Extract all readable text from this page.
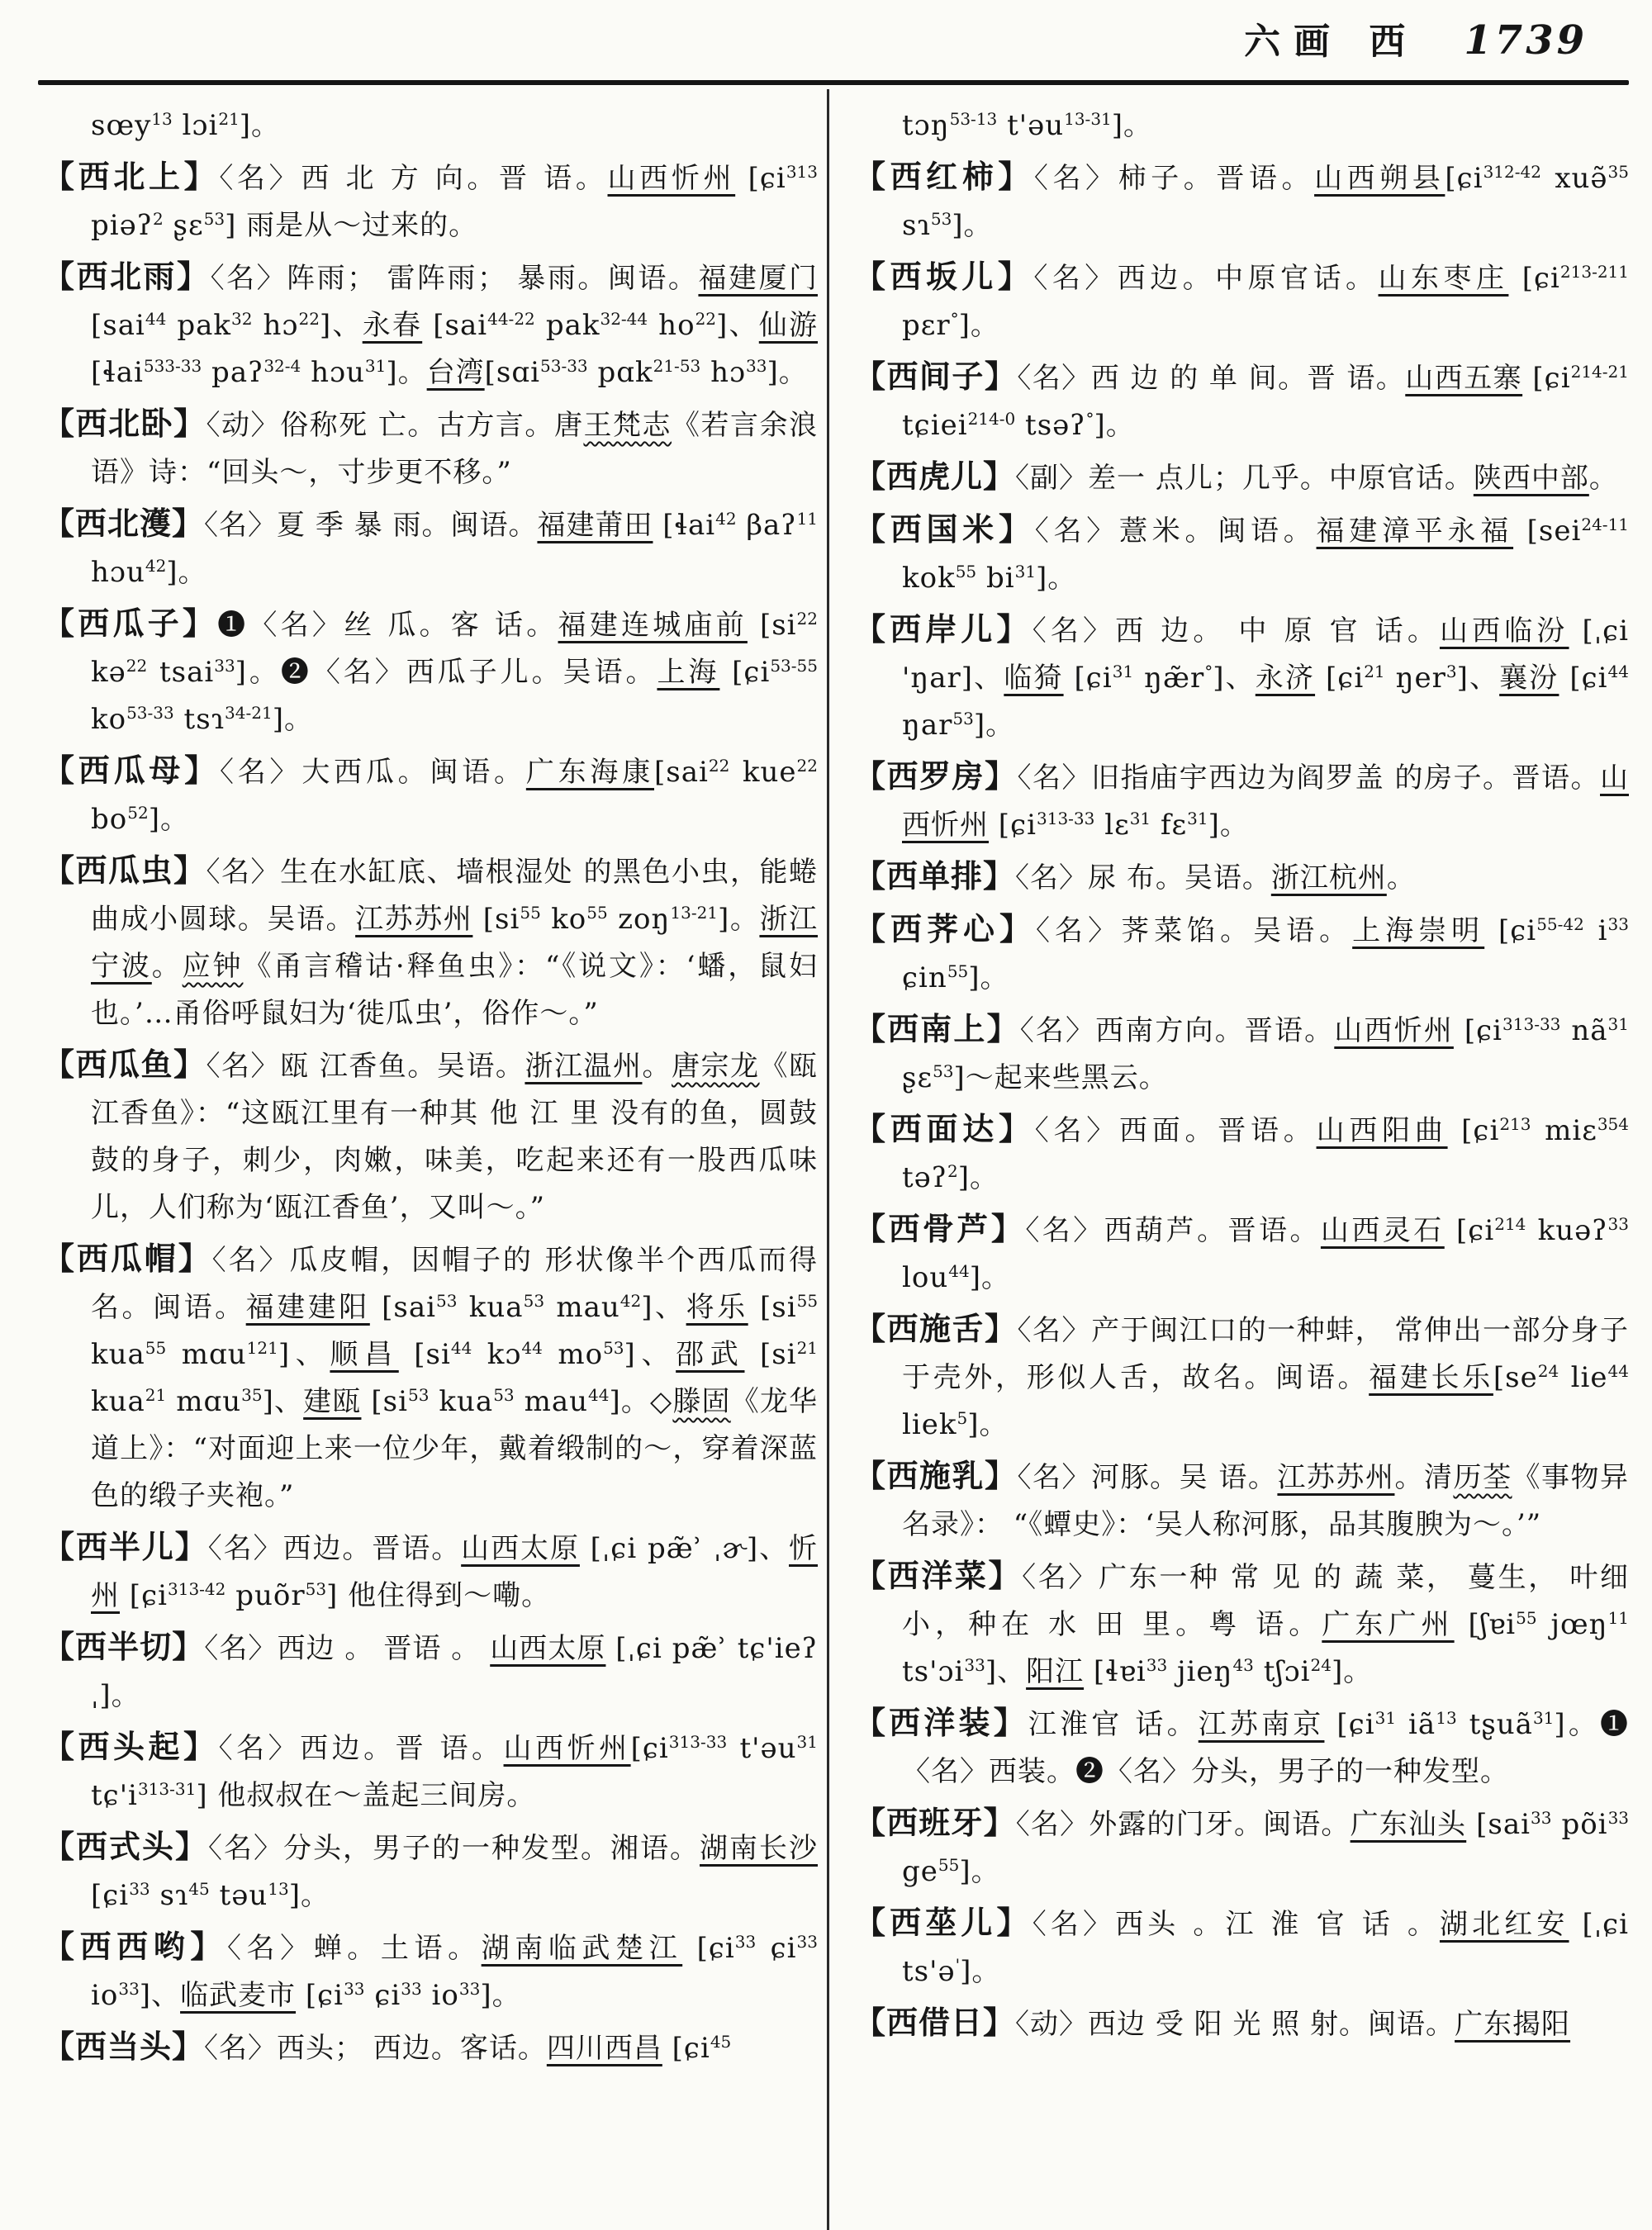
六画 西 1739
sœy$^{13}$ lɔi$^{21}$]。
【西北上】〈名〉西 北 方 向。晋 语。山西忻州 [ɕi$^{313}$ piəʔ$^2$ ʂɛ$^{53}$] 雨是从～过来的。
【西北雨】〈名〉阵雨； 雷阵雨； 暴雨。闽语。福建厦门 [sai$^{44}$ pak$^{32}$ hɔ$^{22}$]、永春 [sai$^{44-22}$ pak$^{32-44}$ $ho^{22}$]、仙游[ɬai$^{533-33}$ paʔ$^{32-4}$ hɔu$^{31}$]。台湾[sɑi$^{53-33}$ pɑk$^{21-53}$ hɔ$^{33}$]。
【西北卧】〈动〉俗称死 亡。古方言。唐王梵志《若言余浪语》诗：“回头～，寸步更不移。”
【西北濩】〈名〉夏 季 暴 雨。闽语。福建莆田 [ɬai$^{42}$ βaʔ$^{11}$ hɔu$^{42}$]。
【西瓜子】❶〈名〉丝 瓜。客 话。福建连城庙前 [$si^{22}$ kə$^{22}$ tsai$^{33}$]。❷〈名〉西瓜子儿。吴语。上海 [ɕi$^{53-55}$ $ko^{53-33}$ tsɿ$^{34-21}$]。
【西瓜母】〈名〉大西瓜。闽语。广东海康[sai$^{22}$ kue$^{22}$ $bo^{52}$]。
【西瓜虫】〈名〉生在水缸底、墙根湿处 的黑色小虫，能蜷曲成小圆球。吴语。江苏苏州 [$si^{55}$ $ko^{55}$ zoŋ$^{13-21}$]。浙江宁波。应钟《甬言稽诂·释鱼虫》：“《说文》：‘蟠，鼠妇也。’…甬俗呼鼠妇为‘徙瓜虫’，俗作～。”
【西瓜鱼】〈名〉瓯 江香鱼。吴语。浙江温州。唐宗龙《瓯江香鱼》：“这瓯江里有一种其 他 江 里 没有的鱼，圆鼓鼓的身子，刺少，肉嫩，味美，吃起来还有一股西瓜味儿，人们称为‘瓯江香鱼’，又叫～。”
【西瓜帽】〈名〉瓜皮帽，因帽子的 形状像半个西瓜而得名。闽语。福建建阳 [sai$^{53}$ kua$^{53}$ mau$^{42}$]、将乐 [$si^{55}$ kua$^{55}$ mɑu$^{121}$]、顺昌 [$si^{44}$ kɔ$^{44}$ $mo^{53}$]、邵武 [$si^{21}$ kua$^{21}$ mɑu$^{35}$]、建瓯 [$si^{53}$ kua$^{53}$ mau$^{44}$]。◇滕固《龙华道上》：“对面迎上来一位少年，戴着缎制的～，穿着深蓝色的缎子夹袍。”
【西半儿】〈名〉西边。晋语。山西太原 [ˌɕi pæ̃ʾ ˌɚ]、忻州 [ɕi$^{313-42}$ puõr$^{53}$] 他住得到～嘞。
【西半切】〈名〉西边 。 晋语 。 山西太原 [ˌɕi pæ̃ʾ tɕ'ieʔˌ]。
【西头起】〈名〉西边。晋 语。山西忻州[ɕi$^{313-33}$ t'əu$^{31}$ $tɕ'i^{313-31}$] 他叔叔在～盖起三间房。
【西式头】〈名〉分头，男子的一种发型。湘语。湖南长沙 [ɕi$^{33}$ sɿ$^{45}$ təu$^{13}$]。
【西西哟】〈名〉蝉。土语。湖南临武楚江 [ɕi$^{33}$ ɕi$^{33}$ $io^{33}$]、临武麦市 [ɕi$^{33}$ ɕi$^{33}$ $io^{33}$]。
【西当头】〈名〉西头； 西边。客话。四川西昌 [ɕi$^{45}$
tɔŋ$^{53-13}$ t'əu$^{13-31}$]。
【西红柿】〈名〉柿子。晋语。山西朔县[ɕi$^{312-42}$ xuə̃$^{35}$ sɿ$^{53}$]。
【西坂儿】〈名〉西边。中原官话。山东枣庄 [ɕi$^{213-211}$ pɛr°]。
【西间子】〈名〉西 边 的 单 间。晋 语。山西五寨 [ɕi$^{214-21}$ tɕiei$^{214-0}$ tsəʔ°]。
【西虎儿】〈副〉差一 点儿；几乎。中原官话。陕西中部。
【西国米】〈名〉薏米。闽语。福建漳平永福 [sei$^{24-11}$ kok$^{55}$ $bi^{31}$]。
【西岸儿】〈名〉西 边。 中 原 官 话。山西临汾 [ˌɕi 'ŋar]、临猗 [ɕi$^{31}$ ŋæ̃r°]、永济 [ɕi$^{21}$ ŋer$^3$]、襄汾 [ɕi$^{44}$ ŋar$^{53}$]。
【西罗房】〈名〉旧指庙宇西边为阎罗盖 的房子。晋语。山西忻州 [ɕi$^{313-33}$ lɛ$^{31}$ fɛ$^{31}$]。
【西单排】〈名〉尿 布。吴语。浙江杭州。
【西荠心】〈名〉荠菜馅。吴语。上海崇明 [ɕi$^{55-42}$ $i^{33}$ ɕin$^{55}$]。
【西南上】〈名〉西南方向。晋语。山西忻州 [ɕi$^{313-33}$ $nã^{31}$ ʂɛ$^{53}$]～起来些黑云。
【西面达】〈名〉西面。晋语。山西阳曲 [ɕi$^{213}$ miɛ$^{354}$ təʔ$^2$]。
【西骨芦】〈名〉西葫芦。晋语。山西灵石 [ɕi$^{214}$ kuəʔ$^{33}$ lou$^{44}$]。
【西施舌】〈名〉产于闽江口的一种蚌， 常伸出一部分身子于壳外，形似人舌，故名。闽语。福建长乐[$se^{24}$ lie$^{44}$ liek$^5$]。
【西施乳】〈名〉河豚。吴 语。江苏苏州。清历荃《事物异名录》： “《蟫史》：‘吴人称河豚，品其腹腴为～。’”
【西洋菜】〈名〉广东一种 常 见 的 蔬 菜， 蔓生， 叶细小，种在 水 田 里。粤 语。广东广州 [ʃɐi$^{55}$ jœŋ$^{11}$ ts'ɔi$^{33}$]、阳江 [ɬɐi$^{33}$ jieŋ$^{43}$ tʃɔi$^{24}$]。
【西洋装】江淮官 话。江苏南京 [ɕi$^{31}$ $iã^{13}$ tʂuã$^{31}$]。❶〈名〉西装。❷〈名〉分头，男子的一种发型。
【西班牙】〈名〉外露的门牙。闽语。广东汕头 [sai$^{33}$ põi$^{33}$ $ge^{55}$]。
【西莝儿】〈名〉西头 。江 淮 官 话 。湖北红安 [ˌɕi ts'ə']。
【西借日】〈动〉西边 受 阳 光 照 射。闽语。广东揭阳
